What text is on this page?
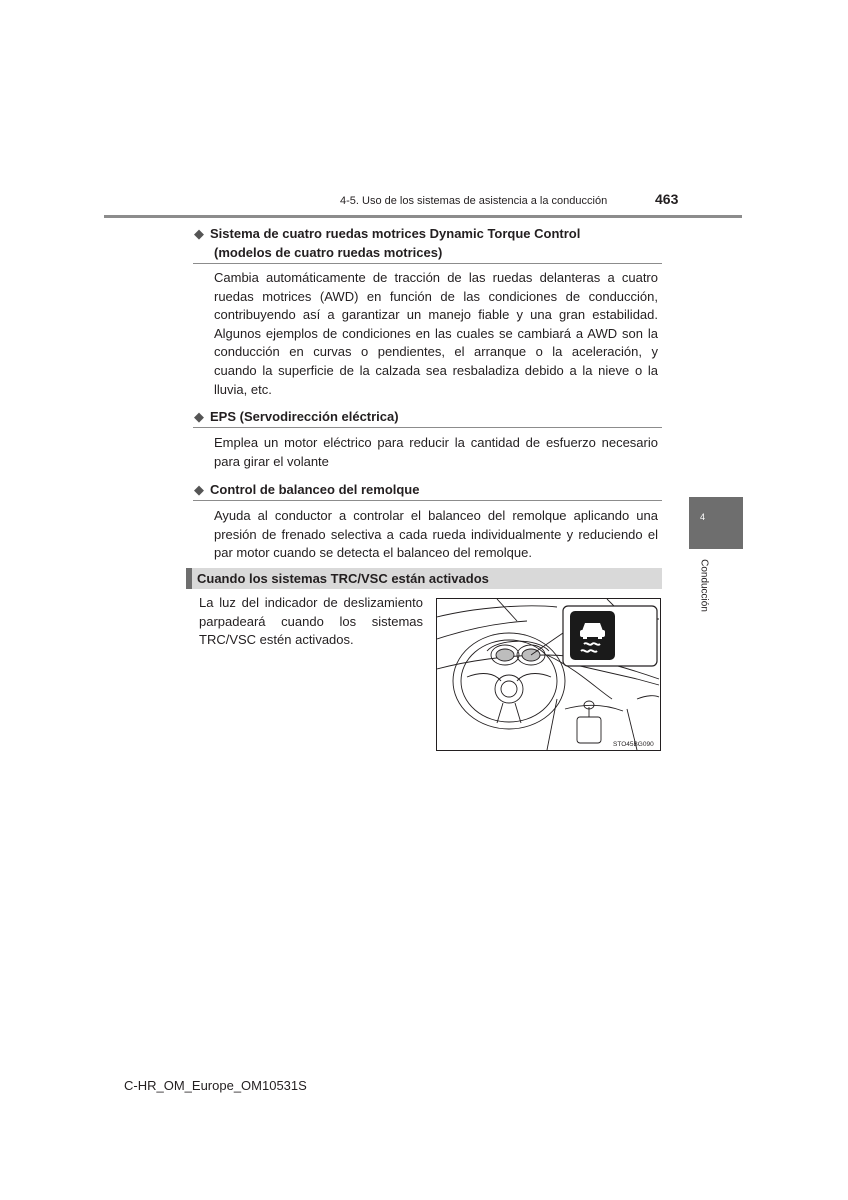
4-5. Uso de los sistemas de asistencia a la conducción	463
4
Conducción
◆ Sistema de cuatro ruedas motrices Dynamic Torque Control
(modelos de cuatro ruedas motrices)
Cambia automáticamente de tracción de las ruedas delanteras a cuatro
ruedas motrices (AWD) en función de las condiciones de conducción,
contribuyendo así a garantizar un manejo fiable y una gran estabilidad.
Algunos ejemplos de condiciones en las cuales se cambiará a AWD son la
conducción en curvas o pendientes, el arranque o la aceleración, y
cuando la superficie de la calzada sea resbaladiza debido a la nieve o la
lluvia, etc.
◆ EPS (Servodirección eléctrica)
Emplea un motor eléctrico para reducir la cantidad de esfuerzo necesario
para girar el volante
◆ Control de balanceo del remolque
Ayuda al conductor a controlar el balanceo del remolque aplicando una
presión de frenado selectiva a cada rueda individualmente y reduciendo el
par motor cuando se detecta el balanceo del remolque.
Cuando los sistemas TRC/VSC están activados
La luz del indicador de deslizamiento
parpadeará cuando los sistemas
TRC/VSC estén activados.
STO45BG090
C-HR_OM_Europe_OM10531S
